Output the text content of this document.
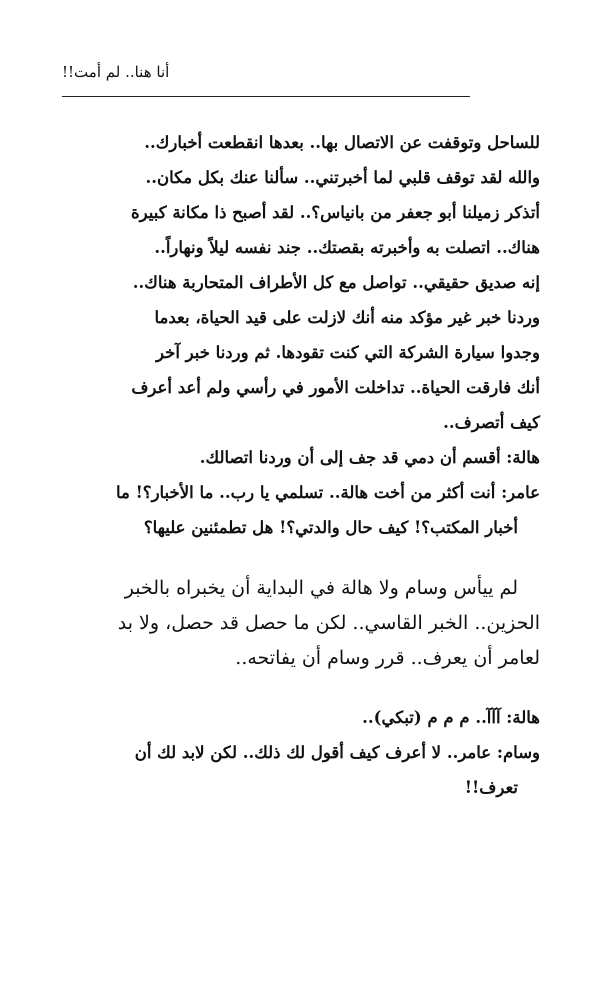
أنا هنا.. لم أمت!!
للساحل وتوقفت عن الاتصال بها.. بعدها انقطعت أخبارك..
والله لقد توقف قلبي لما أخبرتني.. سألنا عنك بكل مكان..
أتذكر زميلنا أبو جعفر من بانياس؟.. لقد أصبح ذا مكانة كبيرة
هناك.. اتصلت به وأخبرته بقصتك.. جند نفسه ليلاً ونهاراً..
إنه صديق حقيقي.. تواصل مع كل الأطراف المتحاربة هناك..
وردنا خبر غير مؤكد منه أنك لازلت على قيد الحياة، بعدما
وجدوا سيارة الشركة التي كنت تقودها. ثم وردنا خبر آخر
أنك فارقت الحياة.. تداخلت الأمور في رأسي ولم أعد أعرف
كيف أتصرف..
هالة: أقسم أن دمي قد جف إلى أن وردنا اتصالك.
عامر: أنت أكثر من أخت هالة.. تسلمي يا رب.. ما الأخبار؟! ما
أخبار المكتب؟! كيف حال والدتي؟! هل تطمئنين عليها؟
لم ييأس وسام ولا هالة في البداية أن يخبراه بالخبر
الحزين.. الخبر القاسي.. لكن ما حصل قد حصل، ولا بد
لعامر أن يعرف.. قرر وسام أن يفاتحه..
هالة: آآآ.. م م م (تبكي)..
وسام: عامر.. لا أعرف كيف أقول لك ذلك.. لكن لابد لك أن
تعرف!!
